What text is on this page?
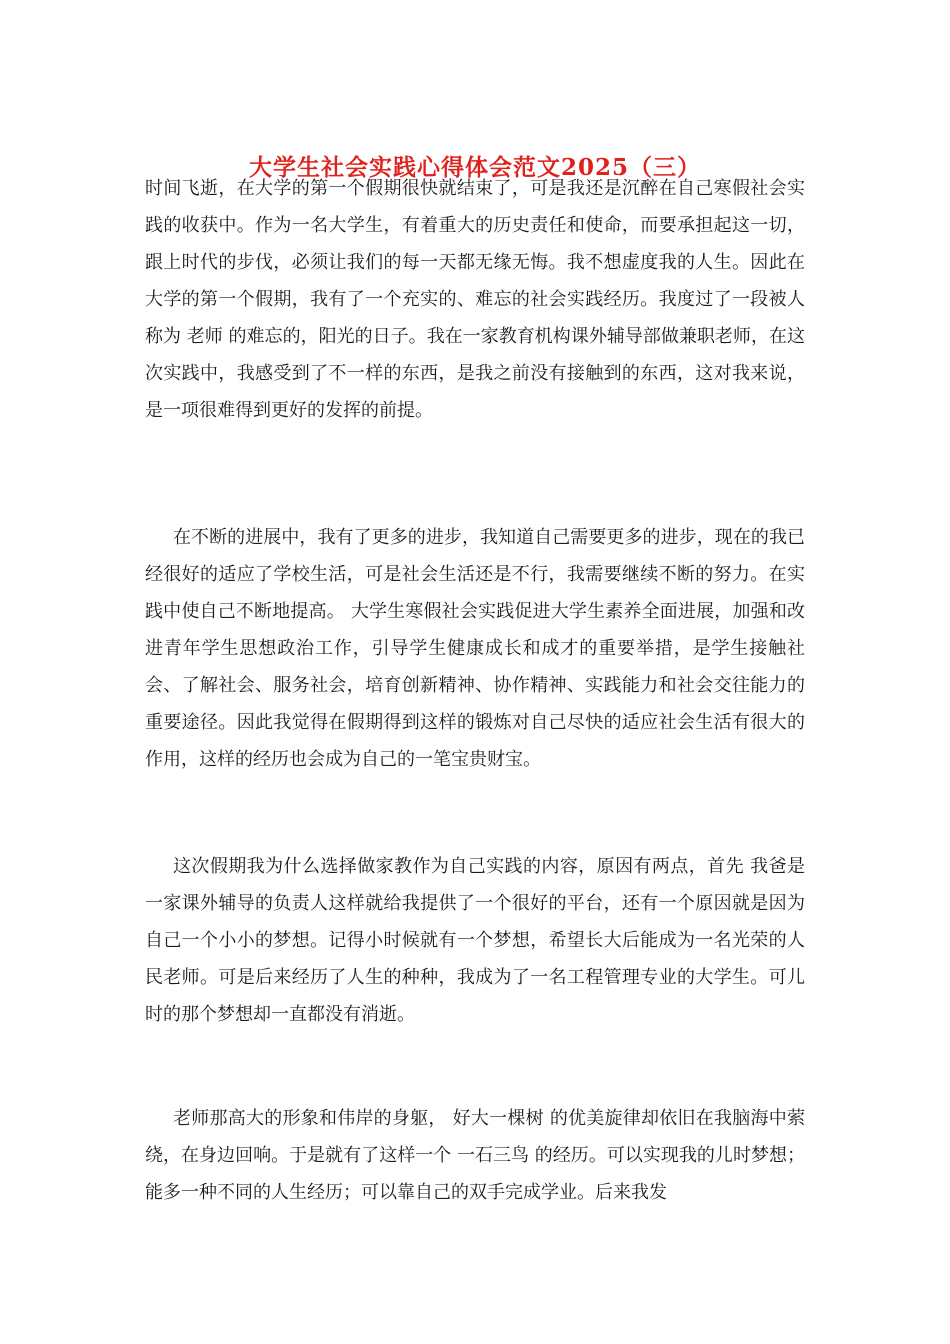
大学生社会实践心得体会范文2025（三）

时间飞逝，在大学的第一个假期很快就结束了，可是我还是沉醉在自己寒假社会实践的收获中。作为一名大学生，有着重大的历史责任和使命，而要承担起这一切，跟上时代的步伐，必须让我们的每一天都无缘无悔。我不想虚度我的人生。因此在大学的第一个假期，我有了一个充实的、难忘的社会实践经历。我度过了一段被人称为 老师 的难忘的，阳光的日子。我在一家教育机构课外辅导部做兼职老师，在这次实践中，我感受到了不一样的东西，是我之前没有接触到的东西，这对我来说，是一项很难得到更好的发挥的前提。

在不断的进展中，我有了更多的进步，我知道自己需要更多的进步，现在的我已经很好的适应了学校生活，可是社会生活还是不行，我需要继续不断的努力。在实践中使自己不断地提高。 大学生寒假社会实践促进大学生素养全面进展，加强和改进青年学生思想政治工作，引导学生健康成长和成才的重要举措，是学生接触社会、了解社会、服务社会，培育创新精神、协作精神、实践能力和社会交往能力的重要途径。因此我觉得在假期得到这样的锻炼对自己尽快的适应社会生活有很大的作用，这样的经历也会成为自己的一笔宝贵财宝。

这次假期我为什么选择做家教作为自己实践的内容，原因有两点，首先 我爸是一家课外辅导的负责人这样就给我提供了一个很好的平台，还有一个原因就是因为自己一个小小的梦想。记得小时候就有一个梦想，希望长大后能成为一名光荣的人民老师。可是后来经历了人生的种种，我成为了一名工程管理专业的大学生。可儿时的那个梦想却一直都没有消逝。

老师那高大的形象和伟岸的身躯， 好大一棵树 的优美旋律却依旧在我脑海中萦绕，在身边回响。于是就有了这样一个 一石三鸟 的经历。可以实现我的儿时梦想；能多一种不同的人生经历；可以靠自己的双手完成学业。后来我发
